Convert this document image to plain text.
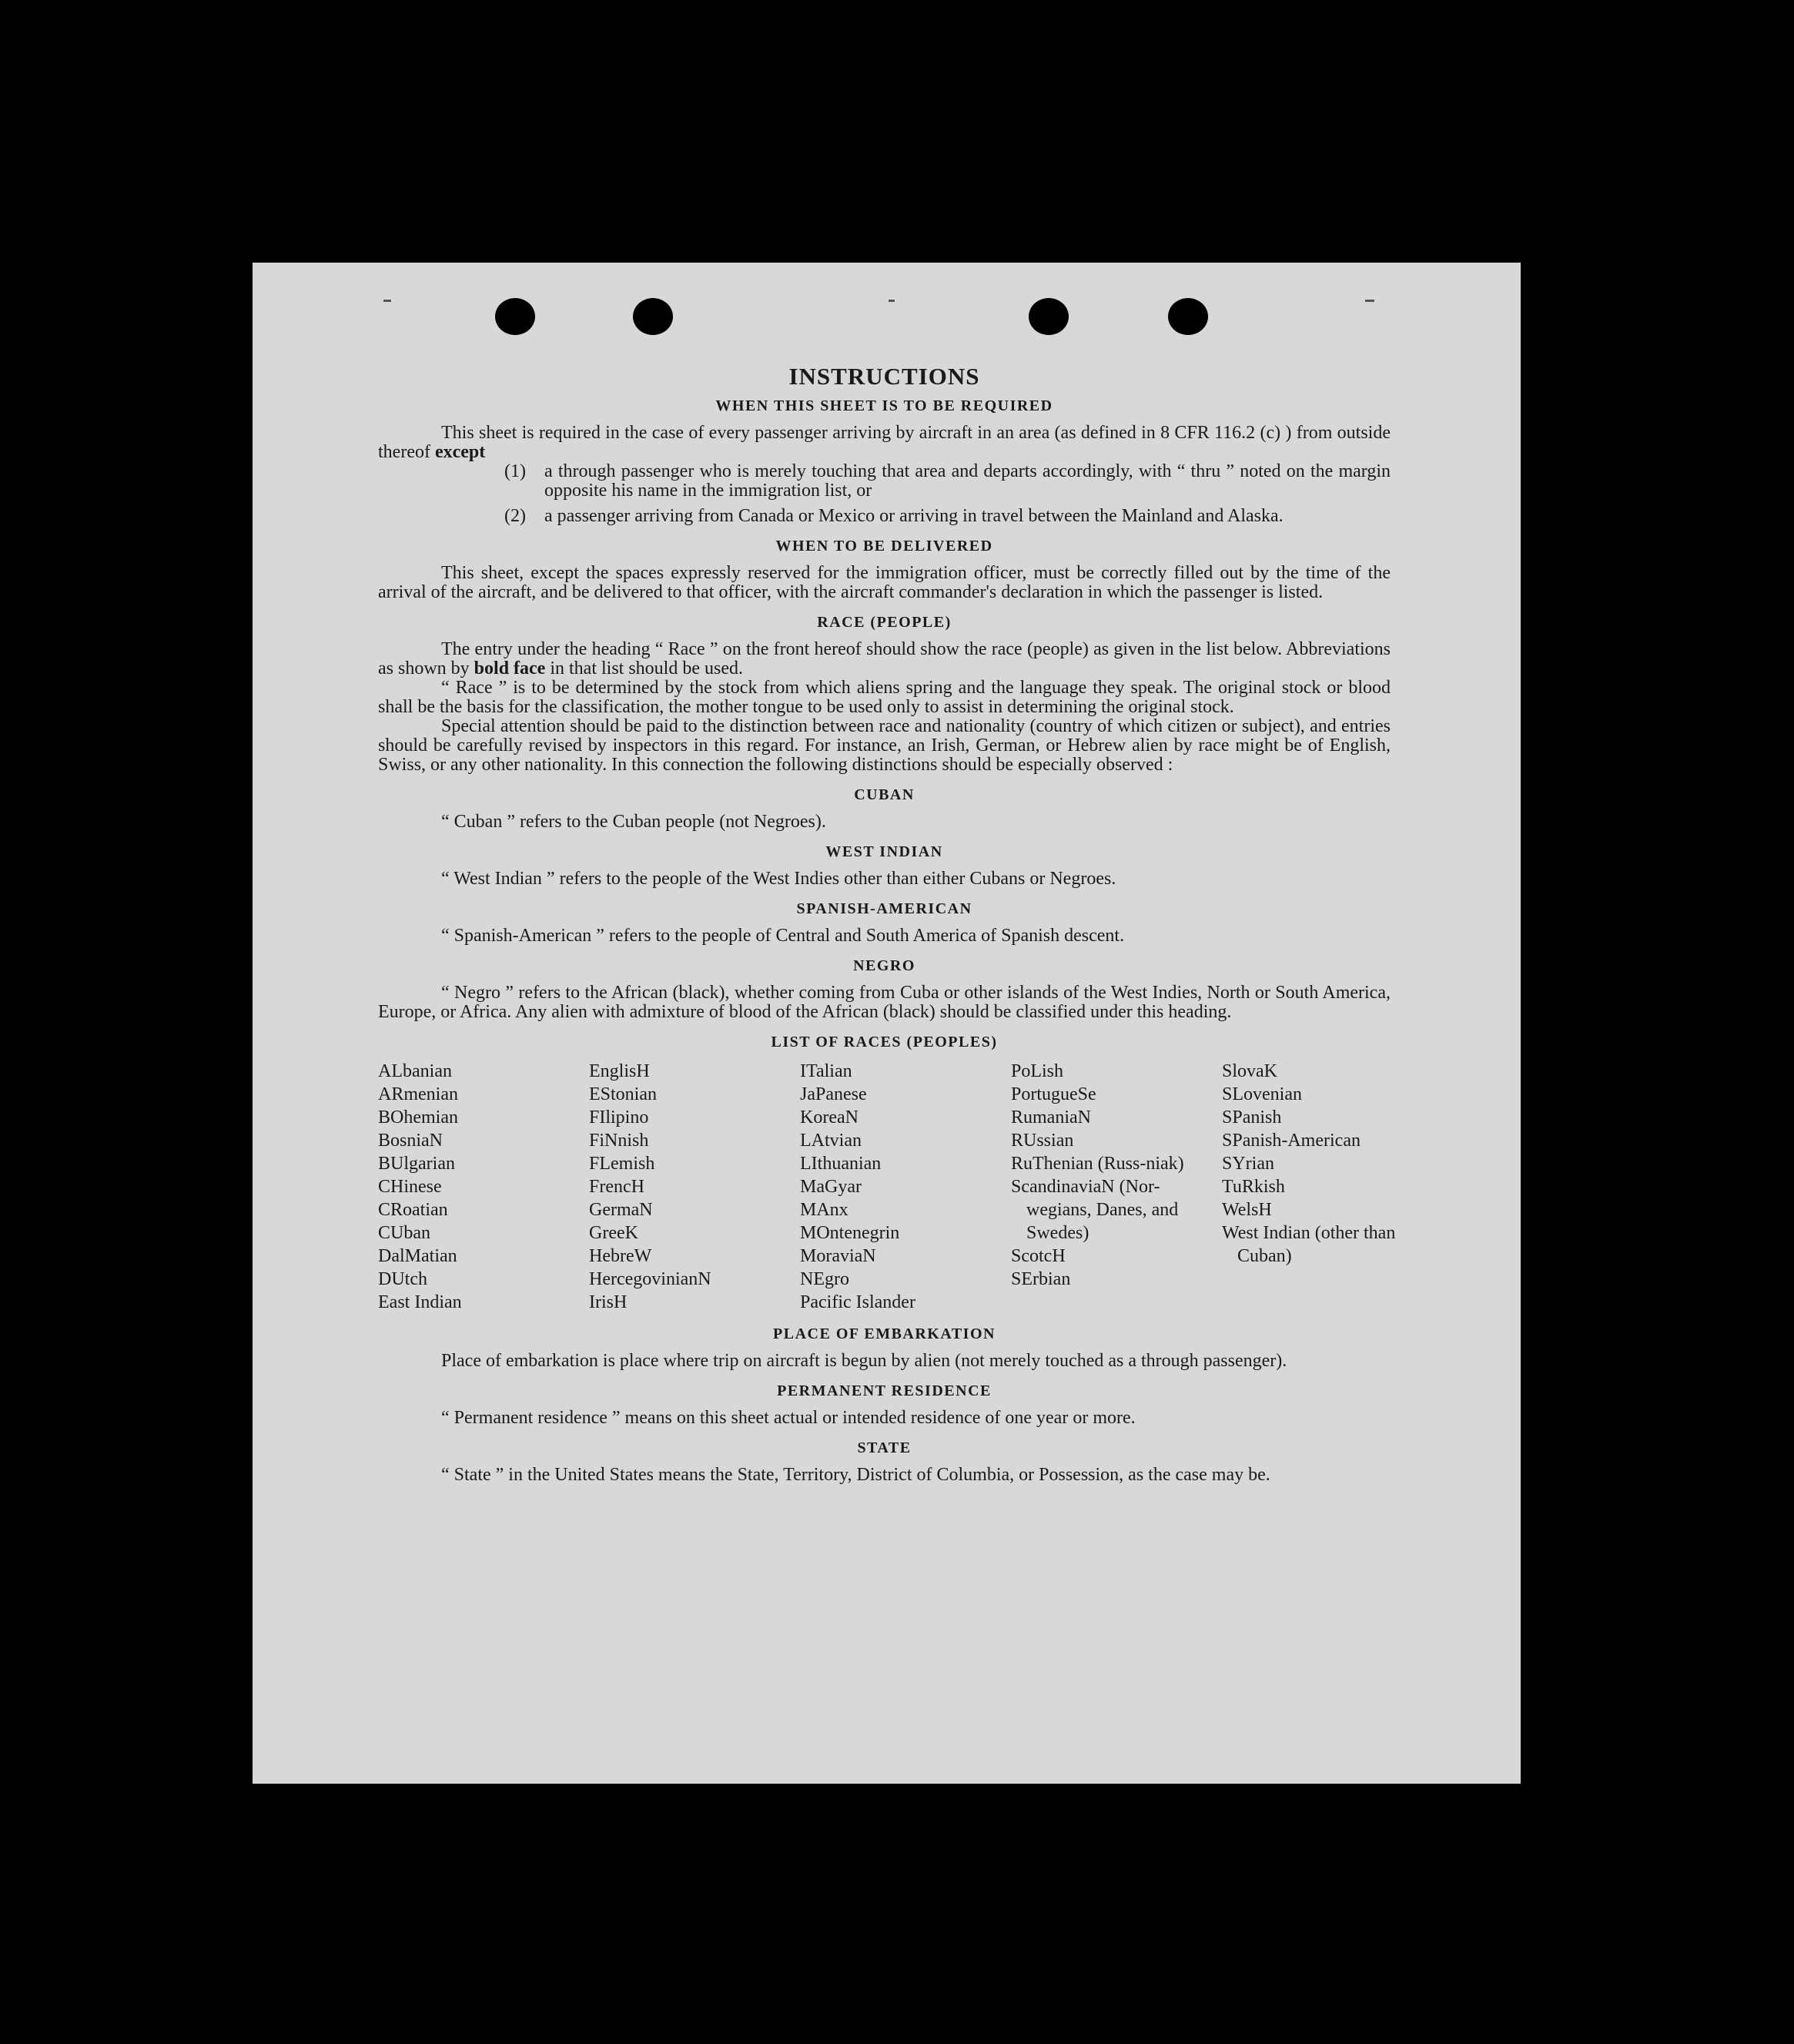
INSTRUCTIONS
WHEN THIS SHEET IS TO BE REQUIRED

This sheet is required in the case of every passenger arriving by aircraft in an area (as defined in 8 CFR 116.2 (c) ) from outside thereof except

(1)	a through passenger who is merely touching that area and departs accordingly, with “ thru ” noted on the margin opposite his name in the immigration list, or
(2)	a passenger arriving from Canada or Mexico or arriving in travel between the Mainland and Alaska.
WHEN TO BE DELIVERED

This sheet, except the spaces expressly reserved for the immigration officer, must be correctly filled out by the time of the arrival of the aircraft, and be delivered to that officer, with the aircraft commander's declaration in which the passenger is listed.

RACE (PEOPLE)

The entry under the heading “ Race ” on the front hereof should show the race (people) as given in the list below. Abbreviations as shown by bold face in that list should be used.

“ Race ” is to be determined by the stock from which aliens spring and the language they speak. The original stock or blood shall be the basis for the classification, the mother tongue to be used only to assist in determining the original stock.

Special attention should be paid to the distinction between race and nationality (country of which citizen or subject), and entries should be carefully revised by inspectors in this regard. For instance, an Irish, German, or Hebrew alien by race might be of English, Swiss, or any other nationality. In this connection the following distinctions should be especially observed :

CUBAN

“ Cuban ” refers to the Cuban people (not Negroes).

WEST INDIAN

“ West Indian ” refers to the people of the West Indies other than either Cubans or Negroes.

SPANISH-AMERICAN

“ Spanish-American ” refers to the people of Central and South America of Spanish descent.

NEGRO

“ Negro ” refers to the African (black), whether coming from Cuba or other islands of the West Indies, North or South America, Europe, or Africa. Any alien with admixture of blood of the African (black) should be classified under this heading.

LIST OF RACES (PEOPLES)
ALbanian
ARmenian
BOhemian
BosniaN
BUlgarian
CHinese
CRoatian
CUban
DalMatian
DUtch
East Indian
EnglisH
EStonian
FIlipino
FiNnish
FLemish
FrencH
GermaN
GreeK
HebreW
HercegovinianN
IrisH
ITalian
JaPanese
KoreaN
LAtvian
LIthuanian
MaGyar
MAnx
MOntenegrin
MoraviaN
NEgro
Pacific Islander
PoLish
PortugueSe
RumaniaN
RUssian
RuThenian (Russ-niak)
ScandinaviaN (Nor-wegians, Danes, and Swedes)
ScotcH
SErbian
SlovaK
SLovenian
SPanish
SPanish-American
SYrian
TuRkish
WelsH
West Indian (other than Cuban)
PLACE OF EMBARKATION

Place of embarkation is place where trip on aircraft is begun by alien (not merely touched as a through passenger).

PERMANENT RESIDENCE

“ Permanent residence ” means on this sheet actual or intended residence of one year or more.

STATE

“ State ” in the United States means the State, Territory, District of Columbia, or Possession, as the case may be.
